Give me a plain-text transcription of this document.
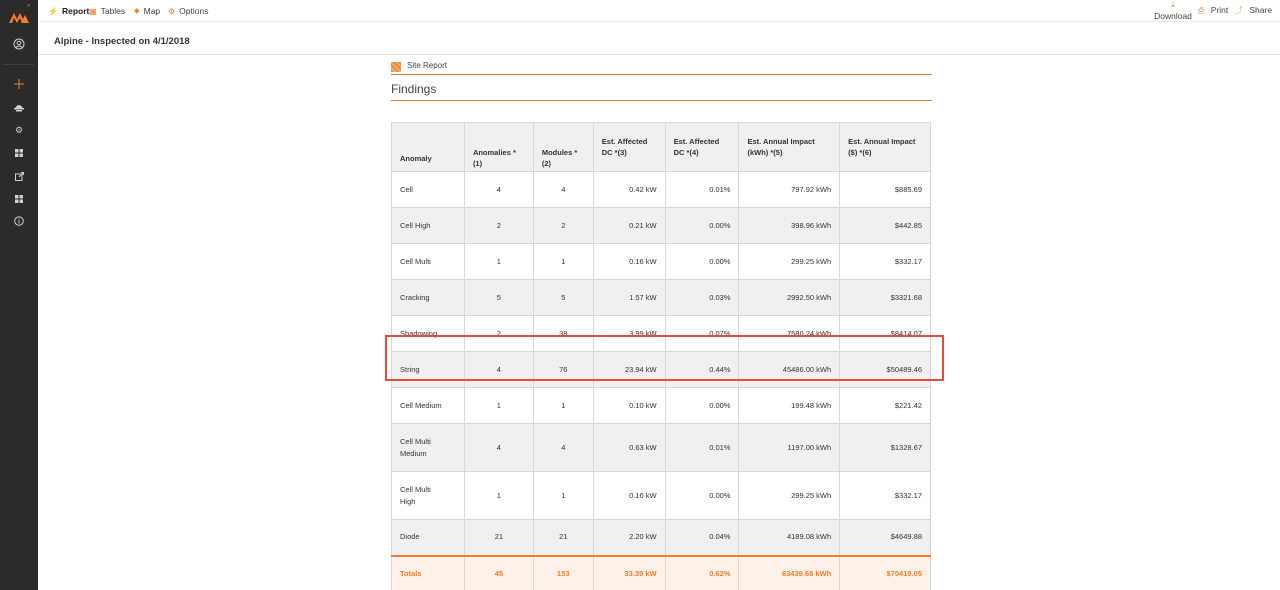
«
⚙
⚡ Report ▦ Tables ⬥ Map ⚙ Options
⤓
Download
⎙ Print ⤴ Share
Alpine - Inspected on 4/1/2018
Site Report
Findings
Anomaly	Anomalies *(1)	Modules *(2)	Est. Affected DC *(3)	Est. Affected DC *(4)	Est. Annual Impact (kWh) *(5)	Est. Annual Impact ($) *(6)
Cell	4	4	0.42 kW	0.01%	797.92 kWh	$885.69
Cell High	2	2	0.21 kW	0.00%	398.96 kWh	$442.85
Cell Multi	1	1	0.16 kW	0.00%	299.25 kWh	$332.17
Cracking	5	5	1.57 kW	0.03%	2992.50 kWh	$3321.68
Shadowing	2	38	3.99 kW	0.07%	7580.24 kWh	$8414.07
String	4	76	23.94 kW	0.44%	45486.00 kWh	$50489.46
Cell Medium	1	1	0.10 kW	0.00%	199.48 kWh	$221.42
Cell Multi Medium	4	4	0.63 kW	0.01%	1197.00 kWh	$1328.67
Cell Multi High	1	1	0.16 kW	0.00%	299.25 kWh	$332.17
Diode	21	21	2.20 kW	0.04%	4189.08 kWh	$4649.88
Totals	45	153	33.39 kW	0.62%	63439.68 kWh	$70418.05
